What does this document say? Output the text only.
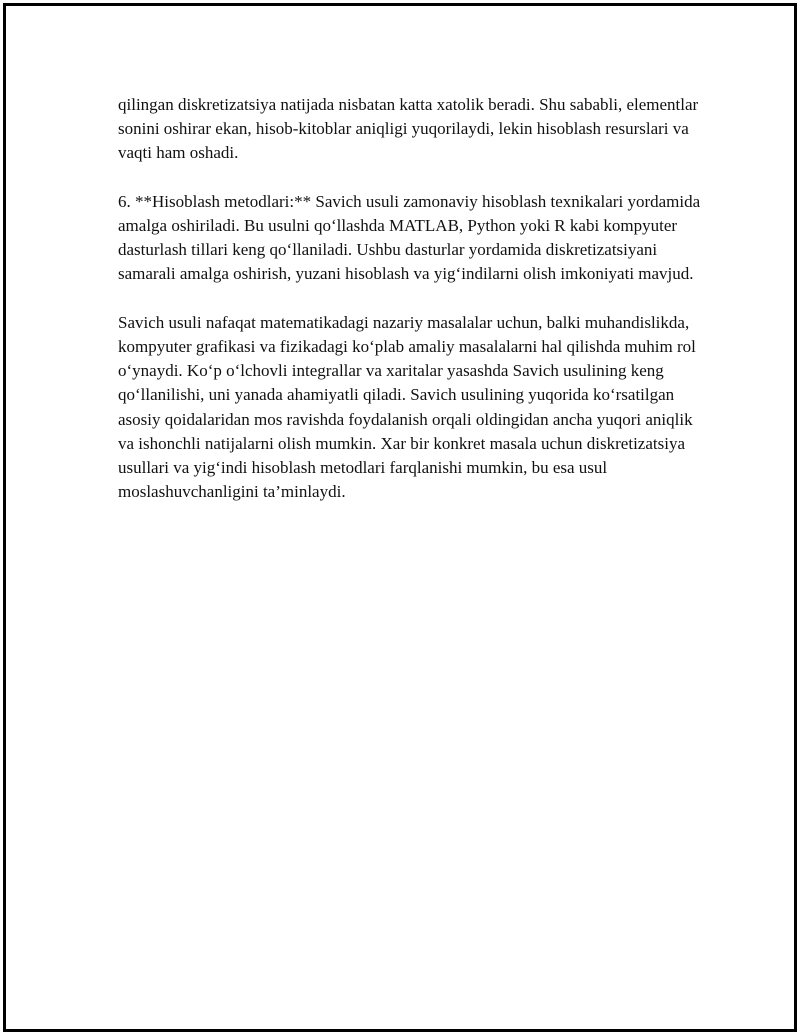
qilingan diskretizatsiya natijada nisbatan katta xatolik beradi. Shu sababli, elementlar sonini oshirar ekan, hisob-kitoblar aniqligi yuqorilaydi, lekin hisoblash resurslari va vaqti ham oshadi.

6. **Hisoblash metodlari:** Savich usuli zamonaviy hisoblash texnikalari yordamida amalga oshiriladi. Bu usulni qo‘llashda MATLAB, Python yoki R kabi kompyuter dasturlash tillari keng qo‘llaniladi. Ushbu dasturlar yordamida diskretizatsiyani samarali amalga oshirish, yuzani hisoblash va yig‘indilarni olish imkoniyati mavjud.

Savich usuli nafaqat matematikadagi nazariy masalalar uchun, balki muhandislikda, kompyuter grafikasi va fizikadagi ko‘plab amaliy masalalarni hal qilishda muhim rol o‘ynaydi. Ko‘p o‘lchovli integrallar va xaritalar yasashda Savich usulining keng qo‘llanilishi, uni yanada ahamiyatli qiladi. Savich usulining yuqorida ko‘rsatilgan asosiy qoidalaridan mos ravishda foydalanish orqali oldingidan ancha yuqori aniqlik va ishonchli natijalarni olish mumkin. Xar bir konkret masala uchun diskretizatsiya usullari va yig‘indi hisoblash metodlari farqlanishi mumkin, bu esa usul moslashuvchanligini ta’minlaydi.
